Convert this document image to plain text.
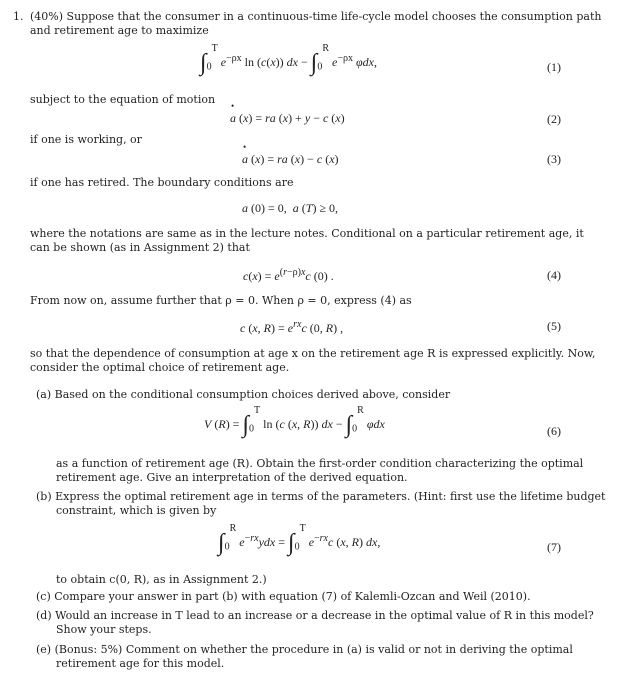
1. (40%) Suppose that the consumer in a continuous-time life-cycle model chooses the consumption path
and retirement age to maximize
$\int_0^T$ $e^{-\rho x}$ ln (c(x)) dx − $\int_0^R$ $e^{-\rho x}$ φdx,	(1)
subject to the equation of motion
• a (x) = ra (x) + y − c (x)	(2)
if one is working, or
• a (x) = ra (x) − c (x)	(3)
if one has retired. The boundary conditions are
a (0) = 0,  a (T) ≥ 0,
where the notations are same as in the lecture notes. Conditional on a particular retirement age, it
can be shown (as in Assignment 2) that
$c(x) = e^{(r-\rho)x}c$ (0) .	(4)
From now on, assume further that ρ = 0. When ρ = 0, express (4) as
c (x, $R) = e^{rx}c$ (0, R) ,	(5)
so that the dependence of consumption at age x on the retirement age R is expressed explicitly. Now,
consider the optimal choice of retirement age.
(a) Based on the conditional consumption choices derived above, consider
V $(R) = \int_0^T$ ln (c (x, R)) dx − $\int_0^R$ φdx	(6)
as a function of retirement age (R). Obtain the first-order condition characterizing the optimal
retirement age. Give an interpretation of the derived equation.
(b) Express the optimal retirement age in terms of the parameters. (Hint: first use the lifetime budget
constraint, which is given by
$\int_0^R$ $e^{-rx}ydx = \int_0^T$ $e^{-rx}c$ (x, R) dx,	(7)
to obtain c(0, R), as in Assignment 2.)
(c) Compare your answer in part (b) with equation (7) of Kalemli-Ozcan and Weil (2010).
(d) Would an increase in T lead to an increase or a decrease in the optimal value of R in this model?
Show your steps.
(e) (Bonus: 5%) Comment on whether the procedure in (a) is valid or not in deriving the optimal
retirement age for this model.
